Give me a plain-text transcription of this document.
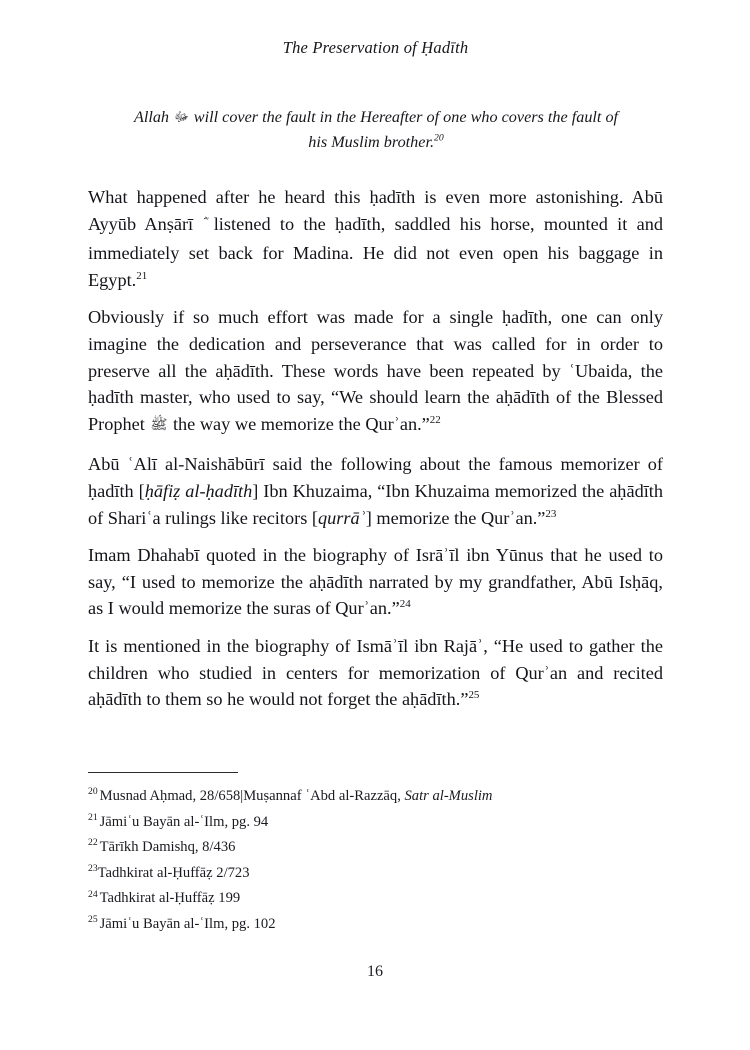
The Preservation of Ḥadīth
Allah ﷻ will cover the fault in the Hereafter of one who covers the fault of his Muslim brother.$^{20}$

What happened after he heard this ḥadīth is even more astonishing. Abū Ayyūb Anṣārī listened to the ḥadīth, saddled his horse, mounted it and immediately set back for Madina. He did not even open his baggage in Egypt.$^{21}$

Obviously if so much effort was made for a single ḥadīth, one can only imagine the dedication and perseverance that was called for in order to preserve all the aḥādīth. These words have been repeated by ʿUbaida, the ḥadīth master, who used to say, “We should learn the aḥādīth of the Blessed Prophet ﷺ the way we memorize the Qurʾan.”$^{22}$

Abū ʿAlī al-Naishābūrī said the following about the famous memorizer of ḥadīth [ḥāfiẓ al-ḥadīth] Ibn Khuzaima, “Ibn Khuzaima memorized the aḥādīth of Shariʿa rulings like recitors [qurrāʾ] memorize the Qurʾan.”$^{23}$

Imam Dhahabī quoted in the biography of Isrāʾīl ibn Yūnus that he used to say, “I used to memorize the aḥādīth narrated by my grandfather, Abū Isḥāq, as I would memorize the suras of Qurʾan.”$^{24}$

It is mentioned in the biography of Ismāʾīl ibn Rajāʾ, “He used to gather the children who studied in centers for memorization of Qurʾan and recited aḥādīth to them so he would not forget the aḥādīth.”$^{25}$

$^{20}$ Musnad Aḥmad, 28/658|Muṣannaf ʿAbd al-Razzāq, Satr al-Muslim

$^{21}$ Jāmiʿu Bayān al-ʿIlm, pg. 94

$^{22}$ Tārīkh Damishq, 8/436

$^{23}$Tadhkirat al-Ḥuffāẓ 2/723

$^{24}$ Tadhkirat al-Ḥuffāẓ 199

$^{25}$ Jāmiʿu Bayān al-ʿIlm, pg. 102

16
